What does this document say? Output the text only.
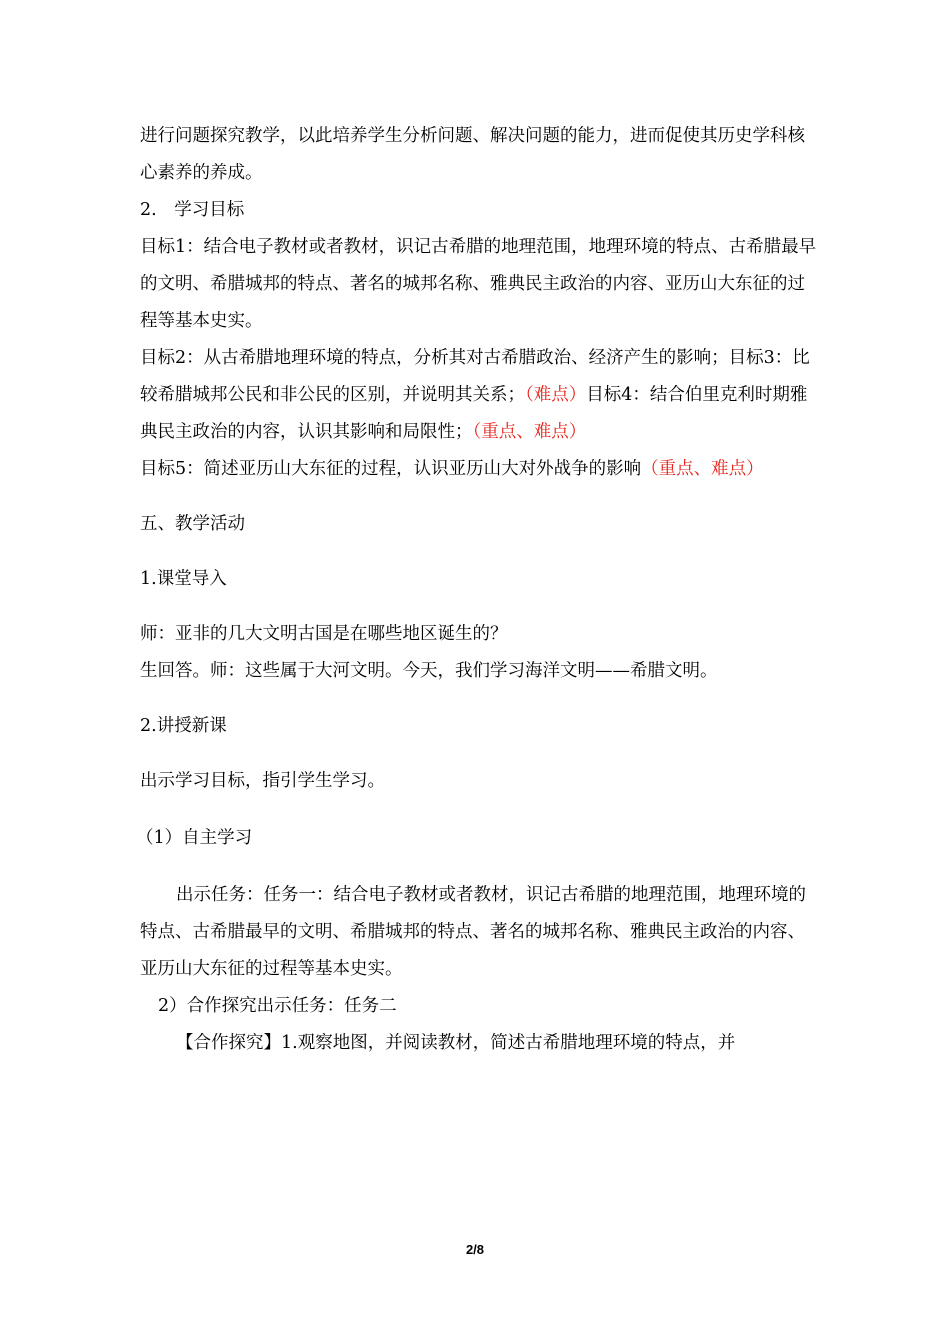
进行问题探究教学，以此培养学生分析问题、解决问题的能力，进而促使其历史学科核心素养的养成。

2.　学习目标

目标1：结合电子教材或者教材，识记古希腊的地理范围，地理环境的特点、古希腊最早的文明、希腊城邦的特点、著名的城邦名称、雅典民主政治的内容、亚历山大东征的过程等基本史实。

目标2：从古希腊地理环境的特点，分析其对古希腊政治、经济产生的影响；目标3：比较希腊城邦公民和非公民的区别，并说明其关系；（难点）目标4：结合伯里克利时期雅典民主政治的内容，认识其影响和局限性；（重点、难点）
目标5：简述亚历山大东征的过程，认识亚历山大对外战争的影响（重点、难点）

五、教学活动

1.课堂导入

师：亚非的几大文明古国是在哪些地区诞生的？

生回答。师：这些属于大河文明。今天，我们学习海洋文明——希腊文明。

2.讲授新课

出示学习目标，指引学生学习。

（1）自主学习

出示任务：任务一：结合电子教材或者教材，识记古希腊的地理范围，地理环境的特点、古希腊最早的文明、希腊城邦的特点、著名的城邦名称、雅典民主政治的内容、亚历山大东征的过程等基本史实。

2）合作探究出示任务：任务二

【合作探究】1.观察地图，并阅读教材，简述古希腊地理环境的特点，并

2/8
